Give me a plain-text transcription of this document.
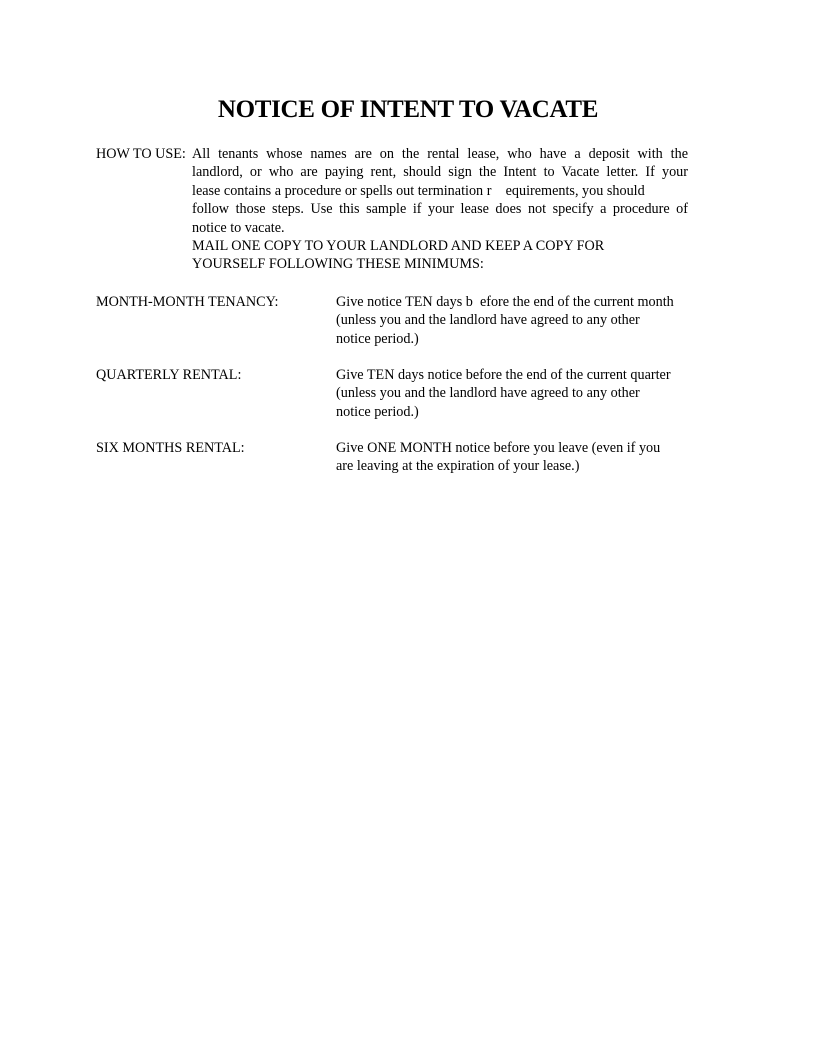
NOTICE OF INTENT TO VACATE
HOW TO USE: All tenants whose names are on the rental lease, who have a deposit with the
landlord, or who are paying rent, should sign the Intent to Vacate letter. If your
lease contains a procedure or spells out termination r    equirements, you should
follow those steps. Use this sample if your lease does not specify a procedure of
notice to vacate.
MAIL ONE COPY TO YOUR LANDLORD AND KEEP A COPY FOR
YOURSELF FOLLOWING THESE MINIMUMS:
MONTH-MONTH TENANCY:	Give notice TEN days b  efore the end of the current month
(unless you and the landlord have agreed to any other
notice period.)
QUARTERLY RENTAL:	Give TEN days notice before the end of the current quarter
(unless you and the landlord have agreed to any other
notice period.)
SIX MONTHS RENTAL:	Give ONE MONTH notice before you leave (even if you
are leaving at the expiration of your lease.)
